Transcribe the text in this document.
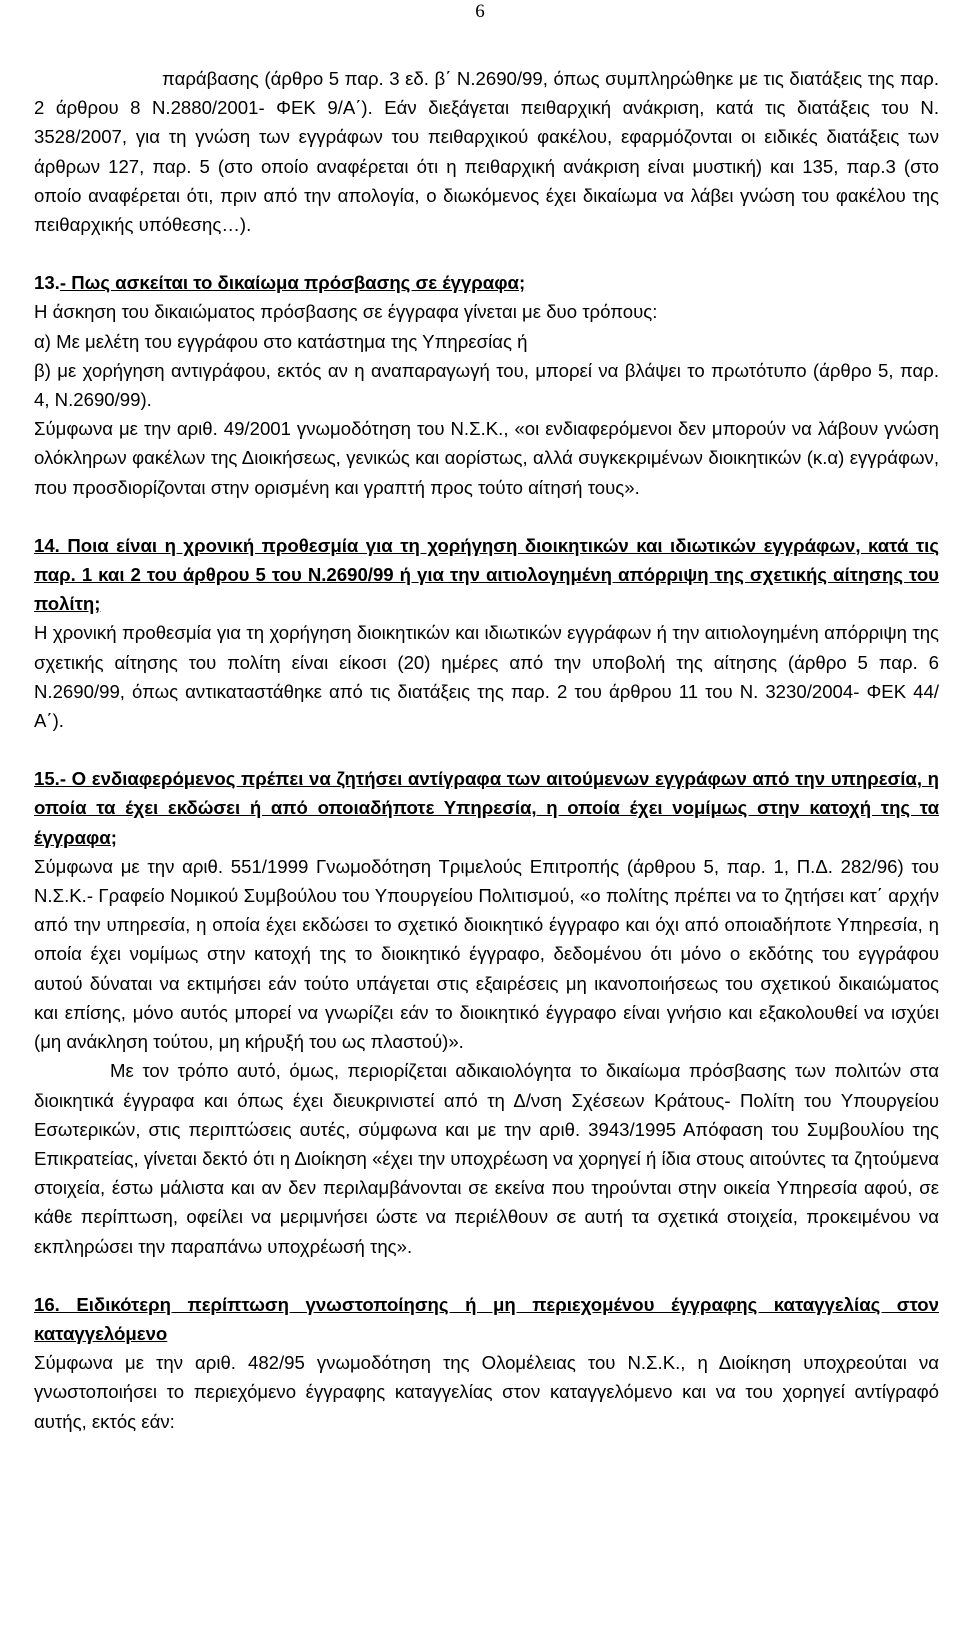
6

παράβασης (άρθρο 5 παρ. 3 εδ. β΄ Ν.2690/99, όπως συμπληρώθηκε με τις διατάξεις της παρ. 2 άρθρου 8 Ν.2880/2001- ΦΕΚ 9/Α΄). Εάν διεξάγεται πειθαρχική ανάκριση, κατά τις διατάξεις του Ν. 3528/2007, για τη γνώση των εγγράφων του πειθαρχικού φακέλου, εφαρμόζονται οι ειδικές διατάξεις των άρθρων 127, παρ. 5 (στο οποίο αναφέρεται ότι η πειθαρχική ανάκριση είναι μυστική) και 135, παρ.3 (στο οποίο αναφέρεται ότι, πριν από την απολογία, ο διωκόμενος έχει δικαίωμα να λάβει γνώση του φακέλου της πειθαρχικής υπόθεσης…).

13.- Πως ασκείται το δικαίωμα πρόσβασης σε έγγραφα;

Η άσκηση του δικαιώματος πρόσβασης σε έγγραφα γίνεται με δυο τρόπους:

α) Με μελέτη του εγγράφου στο κατάστημα της Υπηρεσίας ή

β) με χορήγηση αντιγράφου, εκτός αν η αναπαραγωγή του, μπορεί να βλάψει το πρωτότυπο (άρθρο 5, παρ. 4, Ν.2690/99).

Σύμφωνα με την αριθ. 49/2001 γνωμοδότηση του Ν.Σ.Κ., «οι ενδιαφερόμενοι δεν μπορούν να λάβουν γνώση ολόκληρων φακέλων της Διοικήσεως, γενικώς και αορίστως, αλλά συγκεκριμένων διοικητικών (κ.α) εγγράφων, που προσδιορίζονται στην ορισμένη και γραπτή προς τούτο αίτησή τους».

14. Ποια είναι η χρονική προθεσμία για τη χορήγηση διοικητικών και ιδιωτικών εγγράφων, κατά τις παρ. 1 και 2 του άρθρου 5 του Ν.2690/99 ή για την αιτιολογημένη απόρριψη της σχετικής αίτησης του πολίτη;

Η χρονική προθεσμία για τη χορήγηση διοικητικών και ιδιωτικών εγγράφων ή την αιτιολογημένη απόρριψη της σχετικής αίτησης του πολίτη είναι είκοσι (20) ημέρες από την υποβολή της αίτησης (άρθρο 5 παρ. 6 Ν.2690/99, όπως αντικαταστάθηκε από τις διατάξεις της παρ. 2 του άρθρου 11 του Ν. 3230/2004- ΦΕΚ 44/Α΄).

15.- Ο ενδιαφερόμενος πρέπει να ζητήσει αντίγραφα των αιτούμενων εγγράφων από την υπηρεσία, η οποία τα έχει εκδώσει ή από οποιαδήποτε Υπηρεσία, η οποία έχει νομίμως στην κατοχή της τα έγγραφα;

Σύμφωνα με την αριθ. 551/1999 Γνωμοδότηση Τριμελούς Επιτροπής (άρθρου 5, παρ. 1, Π.Δ. 282/96) του Ν.Σ.Κ.- Γραφείο Νομικού Συμβούλου του Υπουργείου Πολιτισμού, «ο πολίτης πρέπει να το ζητήσει κατ΄ αρχήν από την υπηρεσία, η οποία έχει εκδώσει το σχετικό διοικητικό έγγραφο και όχι από οποιαδήποτε Υπηρεσία, η οποία έχει νομίμως στην κατοχή της το διοικητικό έγγραφο, δεδομένου ότι μόνο ο εκδότης του εγγράφου αυτού δύναται να εκτιμήσει εάν τούτο υπάγεται στις εξαιρέσεις μη ικανοποιήσεως του σχετικού δικαιώματος και επίσης, μόνο αυτός μπορεί να γνωρίζει εάν το διοικητικό έγγραφο είναι γνήσιο και εξακολουθεί να ισχύει (μη ανάκληση τούτου, μη κήρυξή του ως πλαστού)».

Με τον τρόπο αυτό, όμως, περιορίζεται αδικαιολόγητα το δικαίωμα πρόσβασης των πολιτών στα διοικητικά έγγραφα και όπως έχει διευκρινιστεί από τη Δ/νση Σχέσεων Κράτους- Πολίτη του Υπουργείου Εσωτερικών, στις περιπτώσεις αυτές, σύμφωνα και με την αριθ. 3943/1995 Απόφαση του Συμβουλίου της Επικρατείας, γίνεται δεκτό ότι η Διοίκηση «έχει την υποχρέωση να χορηγεί ή ίδια στους αιτούντες τα ζητούμενα στοιχεία, έστω μάλιστα και αν δεν περιλαμβάνονται σε εκείνα που τηρούνται στην οικεία Υπηρεσία αφού, σε κάθε περίπτωση, οφείλει να μεριμνήσει ώστε να περιέλθουν σε αυτή τα σχετικά στοιχεία, προκειμένου να εκπληρώσει την παραπάνω υποχρέωσή της».

16. Ειδικότερη περίπτωση γνωστοποίησης ή μη περιεχομένου έγγραφης καταγγελίας στον καταγγελόμενο

Σύμφωνα με την αριθ. 482/95 γνωμοδότηση της Ολομέλειας του Ν.Σ.Κ., η Διοίκηση υποχρεούται να γνωστοποιήσει το περιεχόμενο έγγραφης καταγγελίας στον καταγγελόμενο και να του χορηγεί αντίγραφό αυτής, εκτός εάν:
